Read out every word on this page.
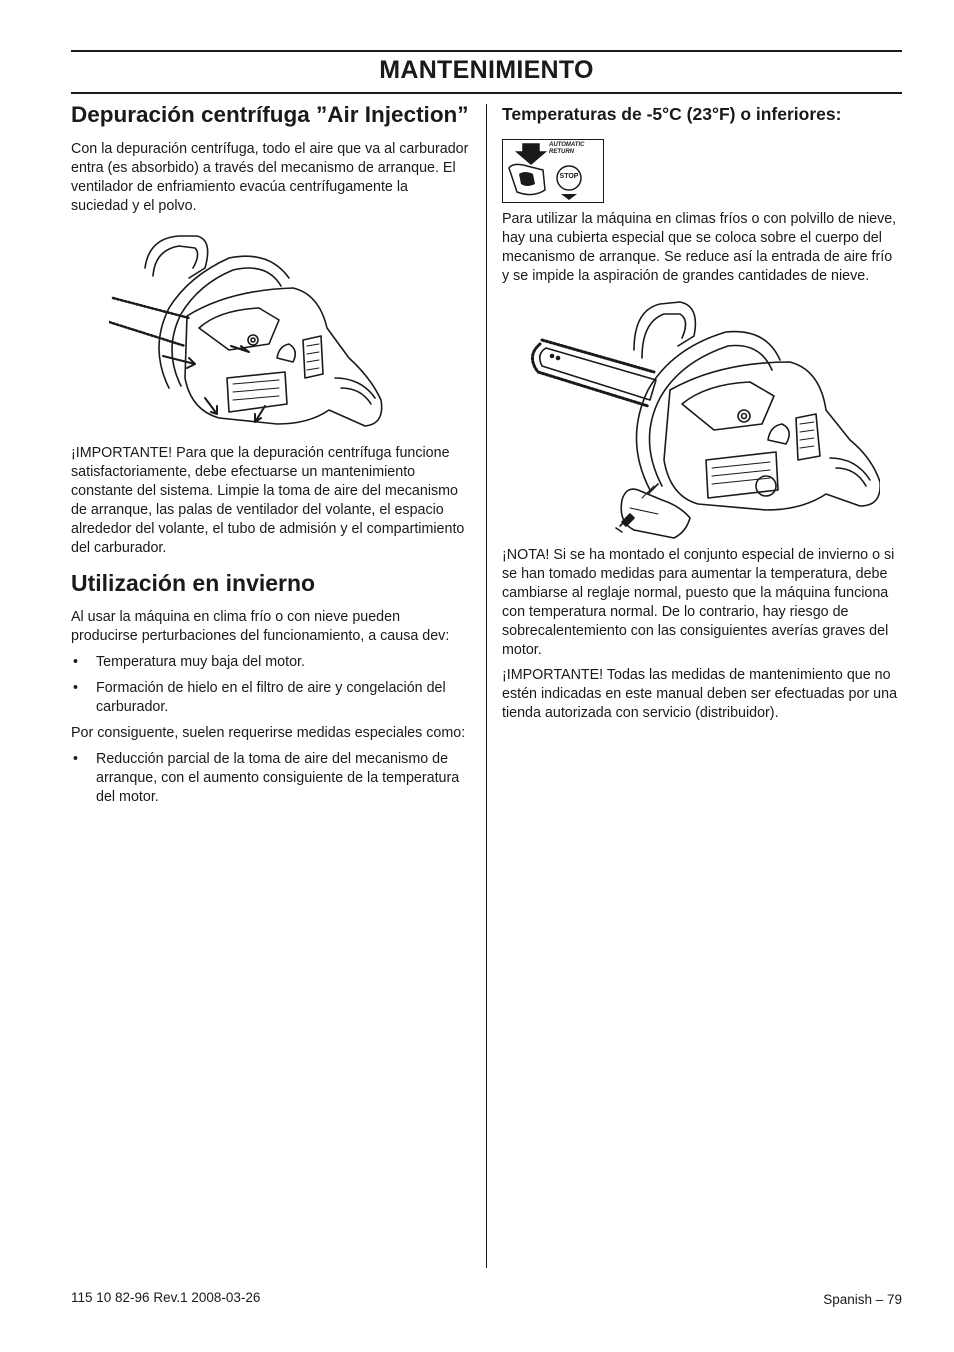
MANTENIMIENTO
Depuración centrífuga ”Air Injection”

Con la depuración centrífuga, todo el aire que va al carburador entra (es absorbido) a través del mecanismo de arranque. El ventilador de enfriamiento evacúa centrífugamente la suciedad y el polvo.

¡IMPORTANTE! Para que la depuración centrífuga funcione satisfactoriamente, debe efectuarse un mantenimiento constante del sistema. Limpie la toma de aire del mecanismo de arranque, las palas de ventilador del volante, el espacio alrededor del volante, el tubo de admisión y el compartimiento del carburador.

Utilización en invierno

Al usar la máquina en clima frío o con nieve pueden producirse perturbaciones del funcionamiento, a causa dev:

• Temperatura muy baja del motor.
• Formación de hielo en el filtro de aire y congelación del carburador.

Por consiguente, suelen requerirse medidas especiales como:

• Reducción parcial de la toma de aire del mecanismo de arranque, con el aumento consiguiente de la temperatura del motor.
Temperaturas de -5°C (23°F) o inferiores:
AUTOMATIC
RETURN
STOP

Para utilizar la máquina en climas fríos o con polvillo de nieve, hay una cubierta especial que se coloca sobre el cuerpo del mecanismo de arranque. Se reduce así la entrada de aire frío y se impide la aspiración de grandes cantidades de nieve.

¡NOTA! Si se ha montado el conjunto especial de invierno o si se han tomado medidas para aumentar la temperatura, debe cambiarse al reglaje normal, puesto que la máquina funciona con temperatura normal. De lo contrario, hay riesgo de sobrecalentemiento con las consiguientes averías graves del motor.

¡IMPORTANTE! Todas las medidas de mantenimiento que no estén indicadas en este manual deben ser efectuadas por una tienda autorizada con servicio (distribuidor).

115 10 82-96 Rev.1 2008-03-26	Spanish – 79
